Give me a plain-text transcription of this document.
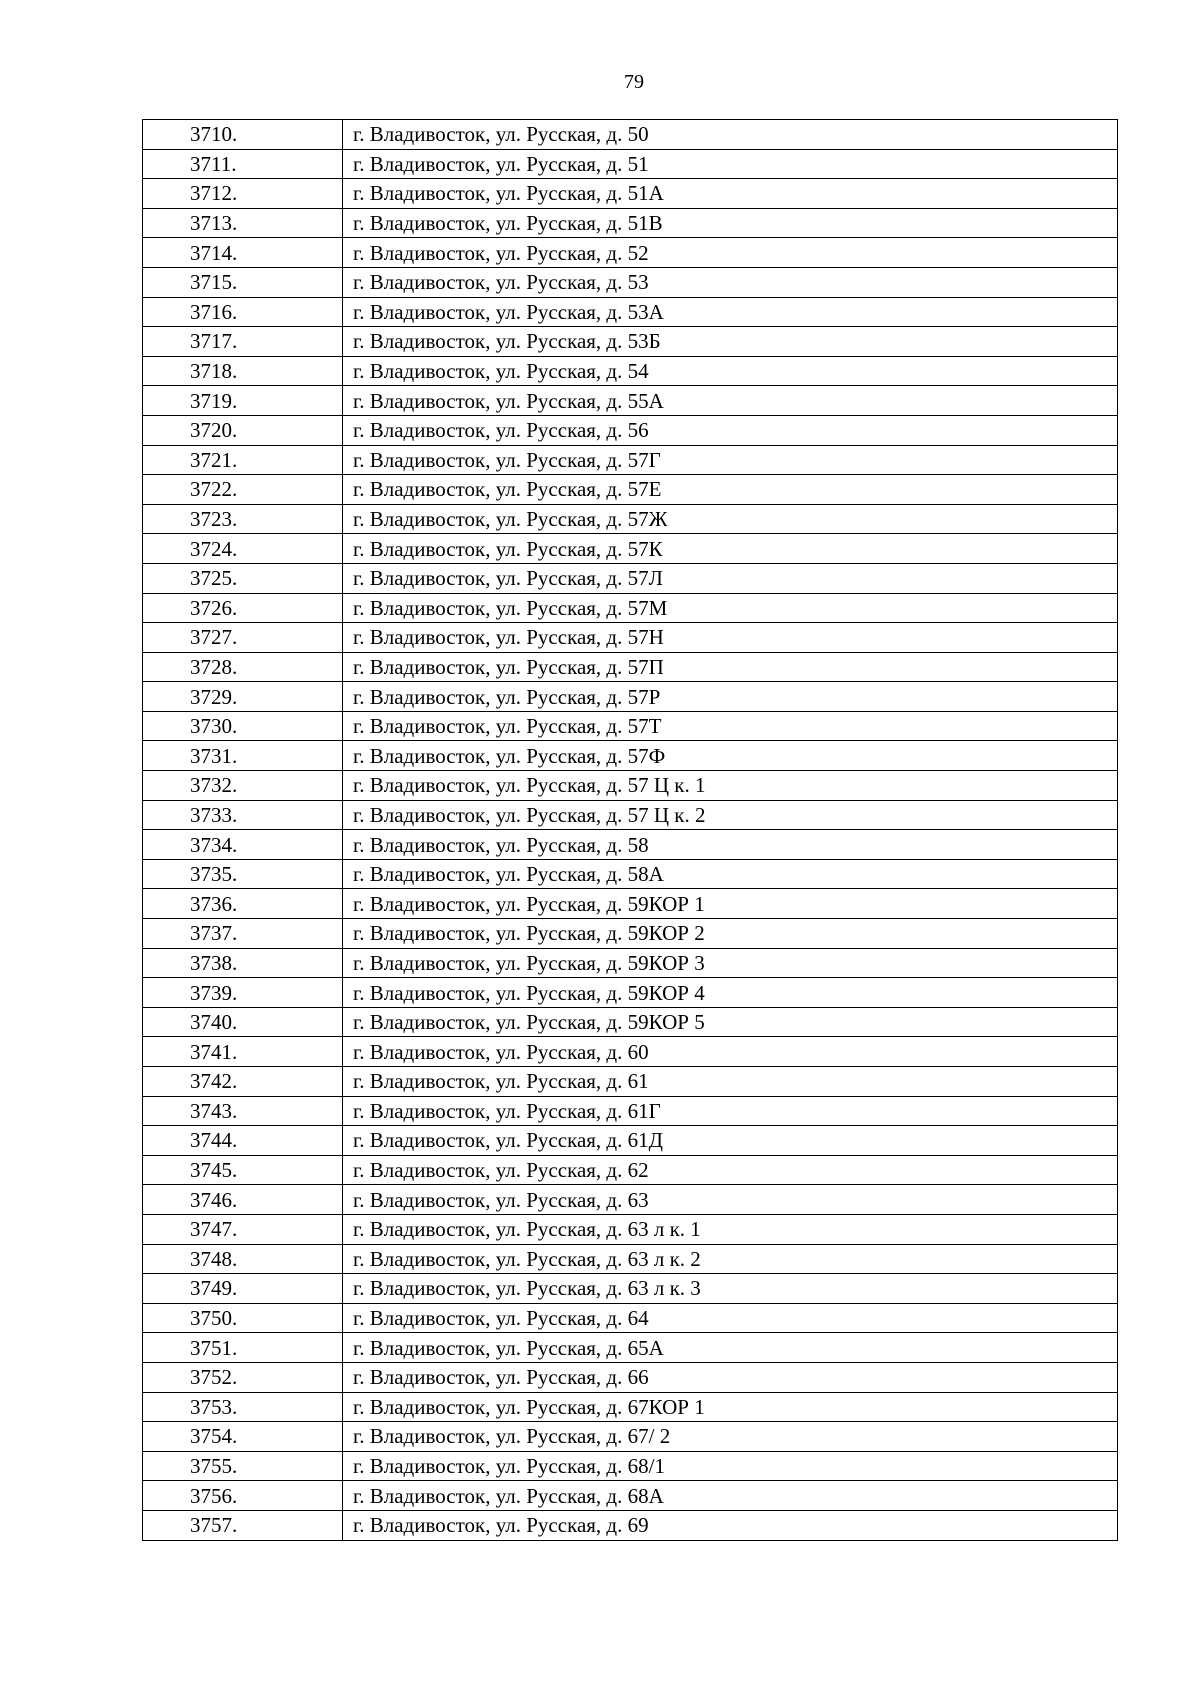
79
3710.	г. Владивосток, ул. Русская, д. 50
3711.	г. Владивосток, ул. Русская, д. 51
3712.	г. Владивосток, ул. Русская, д. 51А
3713.	г. Владивосток, ул. Русская, д. 51В
3714.	г. Владивосток, ул. Русская, д. 52
3715.	г. Владивосток, ул. Русская, д. 53
3716.	г. Владивосток, ул. Русская, д. 53А
3717.	г. Владивосток, ул. Русская, д. 53Б
3718.	г. Владивосток, ул. Русская, д. 54
3719.	г. Владивосток, ул. Русская, д. 55А
3720.	г. Владивосток, ул. Русская, д. 56
3721.	г. Владивосток, ул. Русская, д. 57Г
3722.	г. Владивосток, ул. Русская, д. 57Е
3723.	г. Владивосток, ул. Русская, д. 57Ж
3724.	г. Владивосток, ул. Русская, д. 57К
3725.	г. Владивосток, ул. Русская, д. 57Л
3726.	г. Владивосток, ул. Русская, д. 57М
3727.	г. Владивосток, ул. Русская, д. 57Н
3728.	г. Владивосток, ул. Русская, д. 57П
3729.	г. Владивосток, ул. Русская, д. 57Р
3730.	г. Владивосток, ул. Русская, д. 57Т
3731.	г. Владивосток, ул. Русская, д. 57Ф
3732.	г. Владивосток, ул. Русская, д. 57 Ц к. 1
3733.	г. Владивосток, ул. Русская, д. 57 Ц к. 2
3734.	г. Владивосток, ул. Русская, д. 58
3735.	г. Владивосток, ул. Русская, д. 58А
3736.	г. Владивосток, ул. Русская, д. 59КОР 1
3737.	г. Владивосток, ул. Русская, д. 59КОР 2
3738.	г. Владивосток, ул. Русская, д. 59КОР 3
3739.	г. Владивосток, ул. Русская, д. 59КОР 4
3740.	г. Владивосток, ул. Русская, д. 59КОР 5
3741.	г. Владивосток, ул. Русская, д. 60
3742.	г. Владивосток, ул. Русская, д. 61
3743.	г. Владивосток, ул. Русская, д. 61Г
3744.	г. Владивосток, ул. Русская, д. 61Д
3745.	г. Владивосток, ул. Русская, д. 62
3746.	г. Владивосток, ул. Русская, д. 63
3747.	г. Владивосток, ул. Русская, д. 63 л к. 1
3748.	г. Владивосток, ул. Русская, д. 63 л к. 2
3749.	г. Владивосток, ул. Русская, д. 63 л к. 3
3750.	г. Владивосток, ул. Русская, д. 64
3751.	г. Владивосток, ул. Русская, д. 65А
3752.	г. Владивосток, ул. Русская, д. 66
3753.	г. Владивосток, ул. Русская, д. 67КОР 1
3754.	г. Владивосток, ул. Русская, д. 67/ 2
3755.	г. Владивосток, ул. Русская, д. 68/1
3756.	г. Владивосток, ул. Русская, д. 68А
3757.	г. Владивосток, ул. Русская, д. 69
